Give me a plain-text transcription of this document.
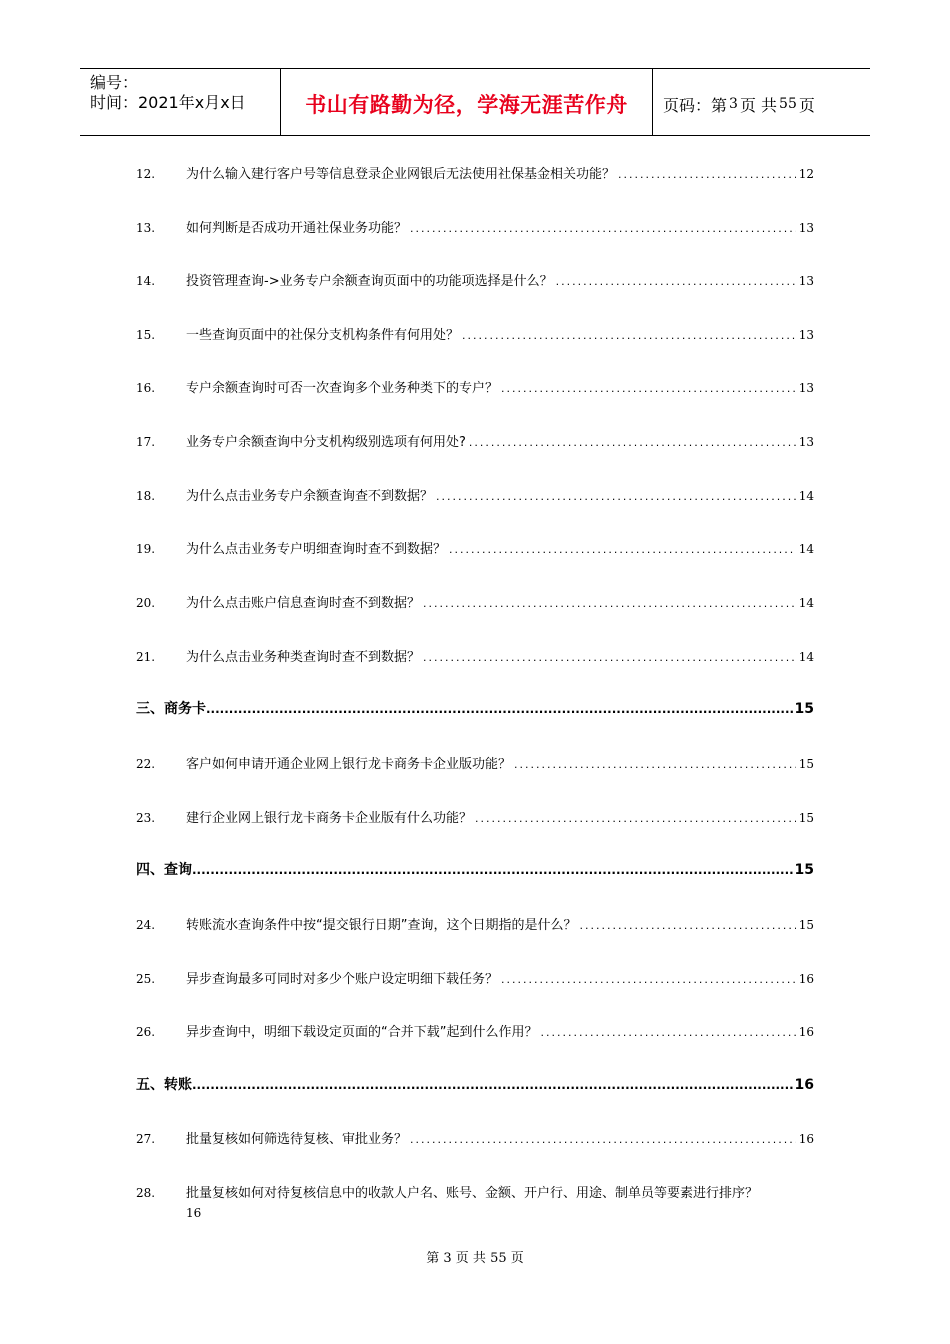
编号：
时间：2021年x月x日	书山有路勤为径，学海无涯苦作舟	页码：第 3 页 共 55 页
12.	为什么输入建行客户号等信息登录企业网银后无法使用社保基金相关功能？ .....	12
13.	如何判断是否成功开通社保业务功能？ .....	13
14.	投资管理查询->业务专户余额查询页面中的功能项选择是什么？ .....	13
15.	一些查询页面中的社保分支机构条件有何用处？ .....	13
16.	专户余额查询时可否一次查询多个业务种类下的专户？ .....	13
17.	业务专户余额查询中分支机构级别选项有何用处? .....	13
18.	为什么点击业务专户余额查询查不到数据？ .....	14
19.	为什么点击业务专户明细查询时查不到数据？ .....	14
20.	为什么点击账户信息查询时查不到数据？ .....	14
21.	为什么点击业务种类查询时查不到数据？ .....	14
三、商务卡 .....	15
22.	客户如何申请开通企业网上银行龙卡商务卡企业版功能？ .....	15
23.	建行企业网上银行龙卡商务卡企业版有什么功能？ .....	15
四、查询 .....	15
24.	转账流水查询条件中按“提交银行日期”查询，这个日期指的是什么？ .....	15
25.	异步查询最多可同时对多少个账户设定明细下载任务？ .....	16
26.	异步查询中，明细下载设定页面的“合并下载”起到什么作用？ .....	16
五、转账 .....	16
27.	批量复核如何筛选待复核、审批业务？ .....	16
28.	批量复核如何对待复核信息中的收款人户名、账号、金额、开户行、用途、制单员等要素进行排序？
16
第 3 页 共 55 页
